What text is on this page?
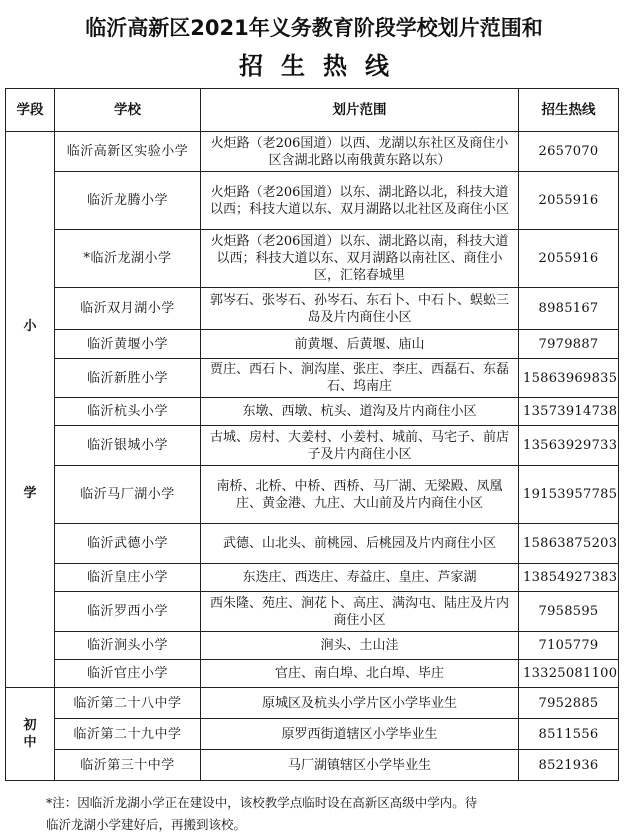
临沂高新区2021年义务教育阶段学校划片范围和
招生热线
学段	学校	划片范围	招生热线

小
学	临沂高新区实验小学	火炬路（老206国道）以西、龙湖以东社区及商住小区含湖北路以南俄黄东路以东）	2657070
	临沂龙腾小学	火炬路（老206国道）以东、湖北路以北，科技大道以西；科技大道以东、双月湖路以北社区及商住小区	2055916
	*临沂龙湖小学	火炬路（老206国道）以东、湖北路以南，科技大道以西；科技大道以东、双月湖路以南社区、商住小区，汇铭春城里	2055916
	临沂双月湖小学	郭岑石、张岑石、孙岑石、东石卜、中石卜、蜈蚣三岛及片内商住小区	8985167
	临沂黄堰小学	前黄堰、后黄堰、庙山	7979887
	临沂新胜小学	贾庄、西石卜、涧沟崖、张庄、李庄、西磊石、东磊石、坞南庄	15863969835
	临沂杭头小学	东墩、西墩、杭头、道沟及片内商住小区	13573914738
	临沂银城小学	古城、房村、大姜村、小姜村、城前、马宅子、前店子及片内商住小区	13563929733
	临沂马厂湖小学	南桥、北桥、中桥、西桥、马厂湖、无梁殿、凤凰庄、黄金港、九庄、大山前及片内商住小区	19153957785
	临沂武德小学	武德、山北头、前桃园、后桃园及片内商住小区	15863875203
	临沂皇庄小学	东迭庄、西迭庄、寿益庄、皇庄、芦家湖	13854927383
	临沂罗西小学	西朱隆、苑庄、涧花卜、高庄、满沟屯、陆庄及片内商住小区	7958595
	临沂涧头小学	涧头、土山洼	7105779
	临沂官庄小学	官庄、南白埠、北白埠、毕庄	13325081100

初
中	临沂第二十八中学	原城区及杭头小学片区小学毕业生	7952885
	临沂第二十九中学	原罗西街道辖区小学毕业生	8511556
	临沂第三十中学	马厂湖镇辖区小学毕业生	8521936
*注：因临沂龙湖小学正在建设中，该校教学点临时设在高新区高级中学内。待
临沂龙湖小学建好后，再搬到该校。
